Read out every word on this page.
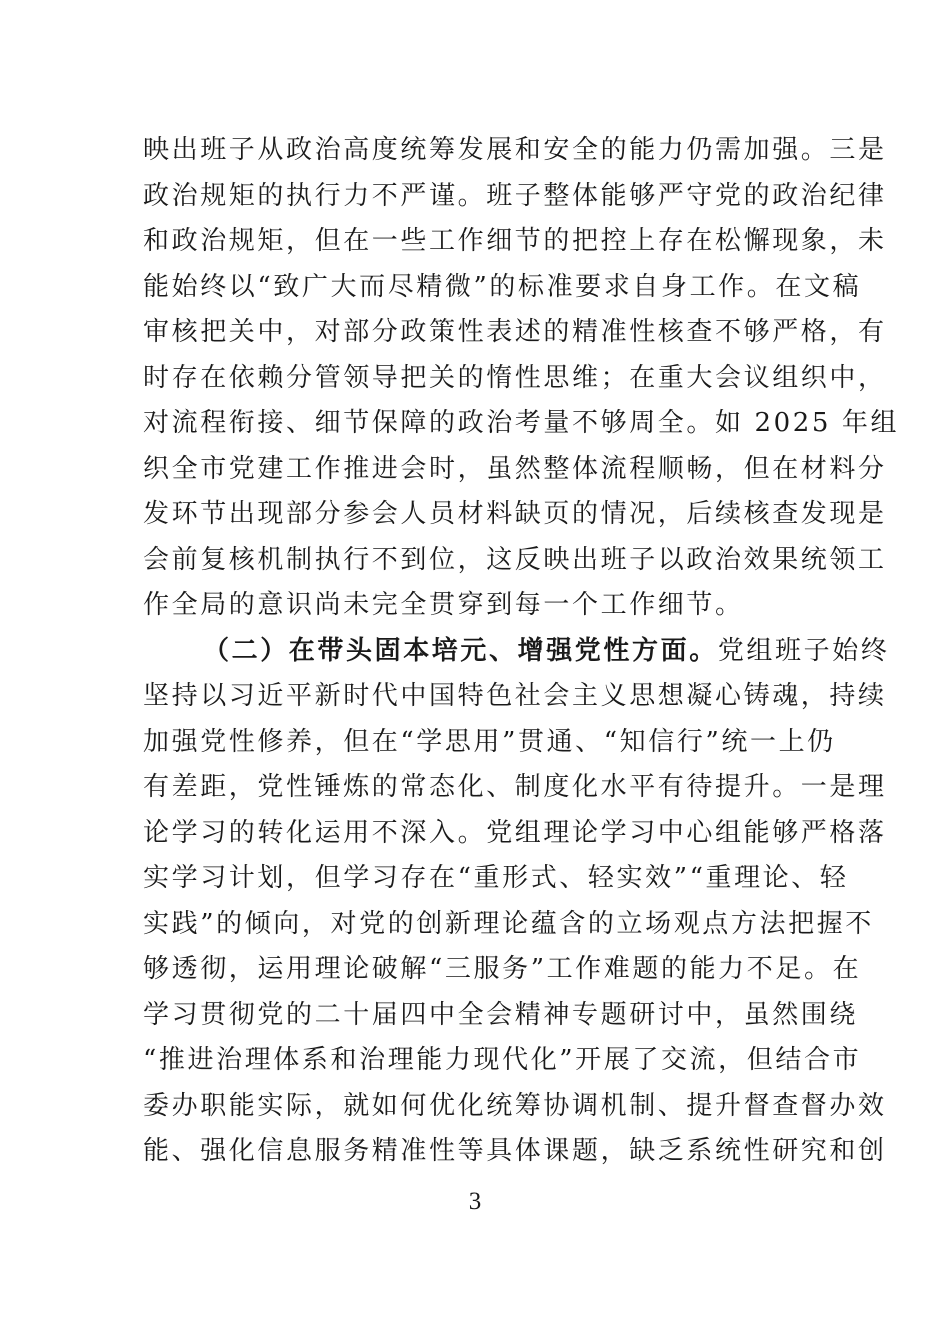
映出班子从政治高度统筹发展和安全的能力仍需加强。三是
政治规矩的执行力不严谨。班子整体能够严守党的政治纪律
和政治规矩，但在一些工作细节的把控上存在松懈现象，未
能始终以“致广大而尽精微”的标准要求自身工作。在文稿
审核把关中，对部分政策性表述的精准性核查不够严格，有
时存在依赖分管领导把关的惰性思维；在重大会议组织中，
对流程衔接、细节保障的政治考量不够周全。如 2025 年组
织全市党建工作推进会时，虽然整体流程顺畅，但在材料分
发环节出现部分参会人员材料缺页的情况，后续核查发现是
会前复核机制执行不到位，这反映出班子以政治效果统领工
作全局的意识尚未完全贯穿到每一个工作细节。
（二）在带头固本培元、增强党性方面。党组班子始终
坚持以习近平新时代中国特色社会主义思想凝心铸魂，持续
加强党性修养，但在“学思用”贯通、“知信行”统一上仍
有差距，党性锤炼的常态化、制度化水平有待提升。一是理
论学习的转化运用不深入。党组理论学习中心组能够严格落
实学习计划，但学习存在“重形式、轻实效”“重理论、轻
实践”的倾向，对党的创新理论蕴含的立场观点方法把握不
够透彻，运用理论破解“三服务”工作难题的能力不足。在
学习贯彻党的二十届四中全会精神专题研讨中，虽然围绕
“推进治理体系和治理能力现代化”开展了交流，但结合市
委办职能实际，就如何优化统筹协调机制、提升督查督办效
能、强化信息服务精准性等具体课题，缺乏系统性研究和创
3
